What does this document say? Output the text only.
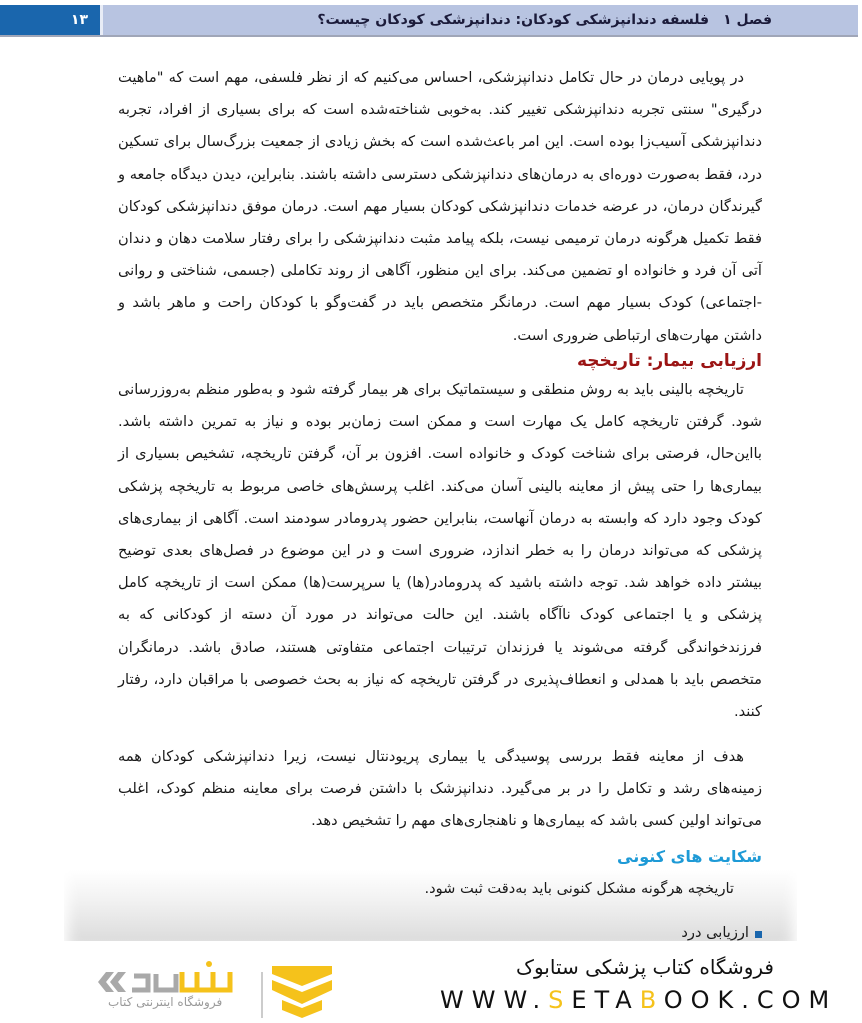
۱۳	فصل ۱
فلسفه دندانپزشکی کودکان: دندانپزشکی کودکان چیست؟

در پویایی درمان در حال تکامل دندانپزشکی، احساس می‌کنیم که از نظر فلسفی، مهم است که "ماهیت درگیری" سنتی تجربه دندانپزشکی تغییر کند. به‌خوبی شناخته‌شده است که برای بسیاری از افراد، تجربه دندانپزشکی آسیب‌زا بوده است. این امر باعث‌شده است که بخش زیادی از جمعیت بزرگ‌سال برای تسکین درد، فقط به‌صورت دوره‌ای به درمان‌های دندانپزشکی دسترسی داشته باشند. بنابراین، دیدن دیدگاه جامعه و گیرندگان درمان، در عرضه خدمات دندانپزشکی کودکان بسیار مهم است. درمان موفق دندانپزشکی کودکان فقط تکمیل هرگونه درمان ترمیمی نیست، بلکه پیامد مثبت دندانپزشکی را برای رفتار سلامت دهان و دندان آتی آن فرد و خانواده او تضمین می‌کند. برای این منظور، آگاهی از روند تکاملی (جسمی، شناختی و روانی -اجتماعی) کودک بسیار مهم است. درمانگر متخصص باید در گفت‌وگو با کودکان راحت و ماهر باشد و داشتن مهارت‌های ارتباطی ضروری است.

ارزیابی بیمار: تاریخچه

تاریخچه بالینی باید به روش منطقی و سیستماتیک برای هر بیمار گرفته شود و به‌طور منظم به‌روزرسانی شود. گرفتن تاریخچه کامل یک مهارت است و ممکن است زمان‌بر بوده و نیاز به تمرین داشته باشد. بااین‌حال، فرصتی برای شناخت کودک و خانواده است. افزون بر آن، گرفتن تاریخچه، تشخیص بسیاری از بیماری‌ها را حتی پیش از معاینه بالینی آسان می‌کند. اغلب پرسش‌های خاصی مربوط به تاریخچه پزشکی کودک وجود دارد که وابسته به درمان آنهاست، بنابراین حضور پدرومادر سودمند است. آگاهی از بیماری‌های پزشکی که می‌تواند درمان را به خطر اندازد، ضروری است و در این موضوع در فصل‌های بعدی توضیح بیشتر داده خواهد شد. توجه داشته باشید که پدرومادر(ها) یا سرپرست(ها) ممکن است از تاریخچه کامل پزشکی و یا اجتماعی کودک ناآگاه باشند. این حالت می‌تواند در مورد آن دسته از کودکانی که به فرزندخواندگی گرفته می‌شوند یا فرزندان ترتیبات اجتماعی متفاوتی هستند، صادق باشد. درمانگران متخصص باید با همدلی و انعطاف‌پذیری در گرفتن تاریخچه که نیاز به بحث خصوصی با مراقبان دارد، رفتار کنند.

هدف از معاینه فقط بررسی پوسیدگی یا بیماری پریودنتال نیست، زیرا دندانپزشکی کودکان همه زمینه‌های رشد و تکامل را در بر می‌گیرد. دندانپزشک با داشتن فرصت برای معاینه منظم کودک، اغلب می‌تواند اولین کسی باشد که بیماری‌ها و ناهنجاری‌های مهم را تشخیص دهد.

شکایت های کنونی

تاریخچه هرگونه مشکل کنونی باید به‌دقت ثبت شود.

ارزیابی درد
فروشگاه اینترنتی کتاب
فروشگاه کتاب پزشکی ستابوک
WWW.SETABOOK.COM
